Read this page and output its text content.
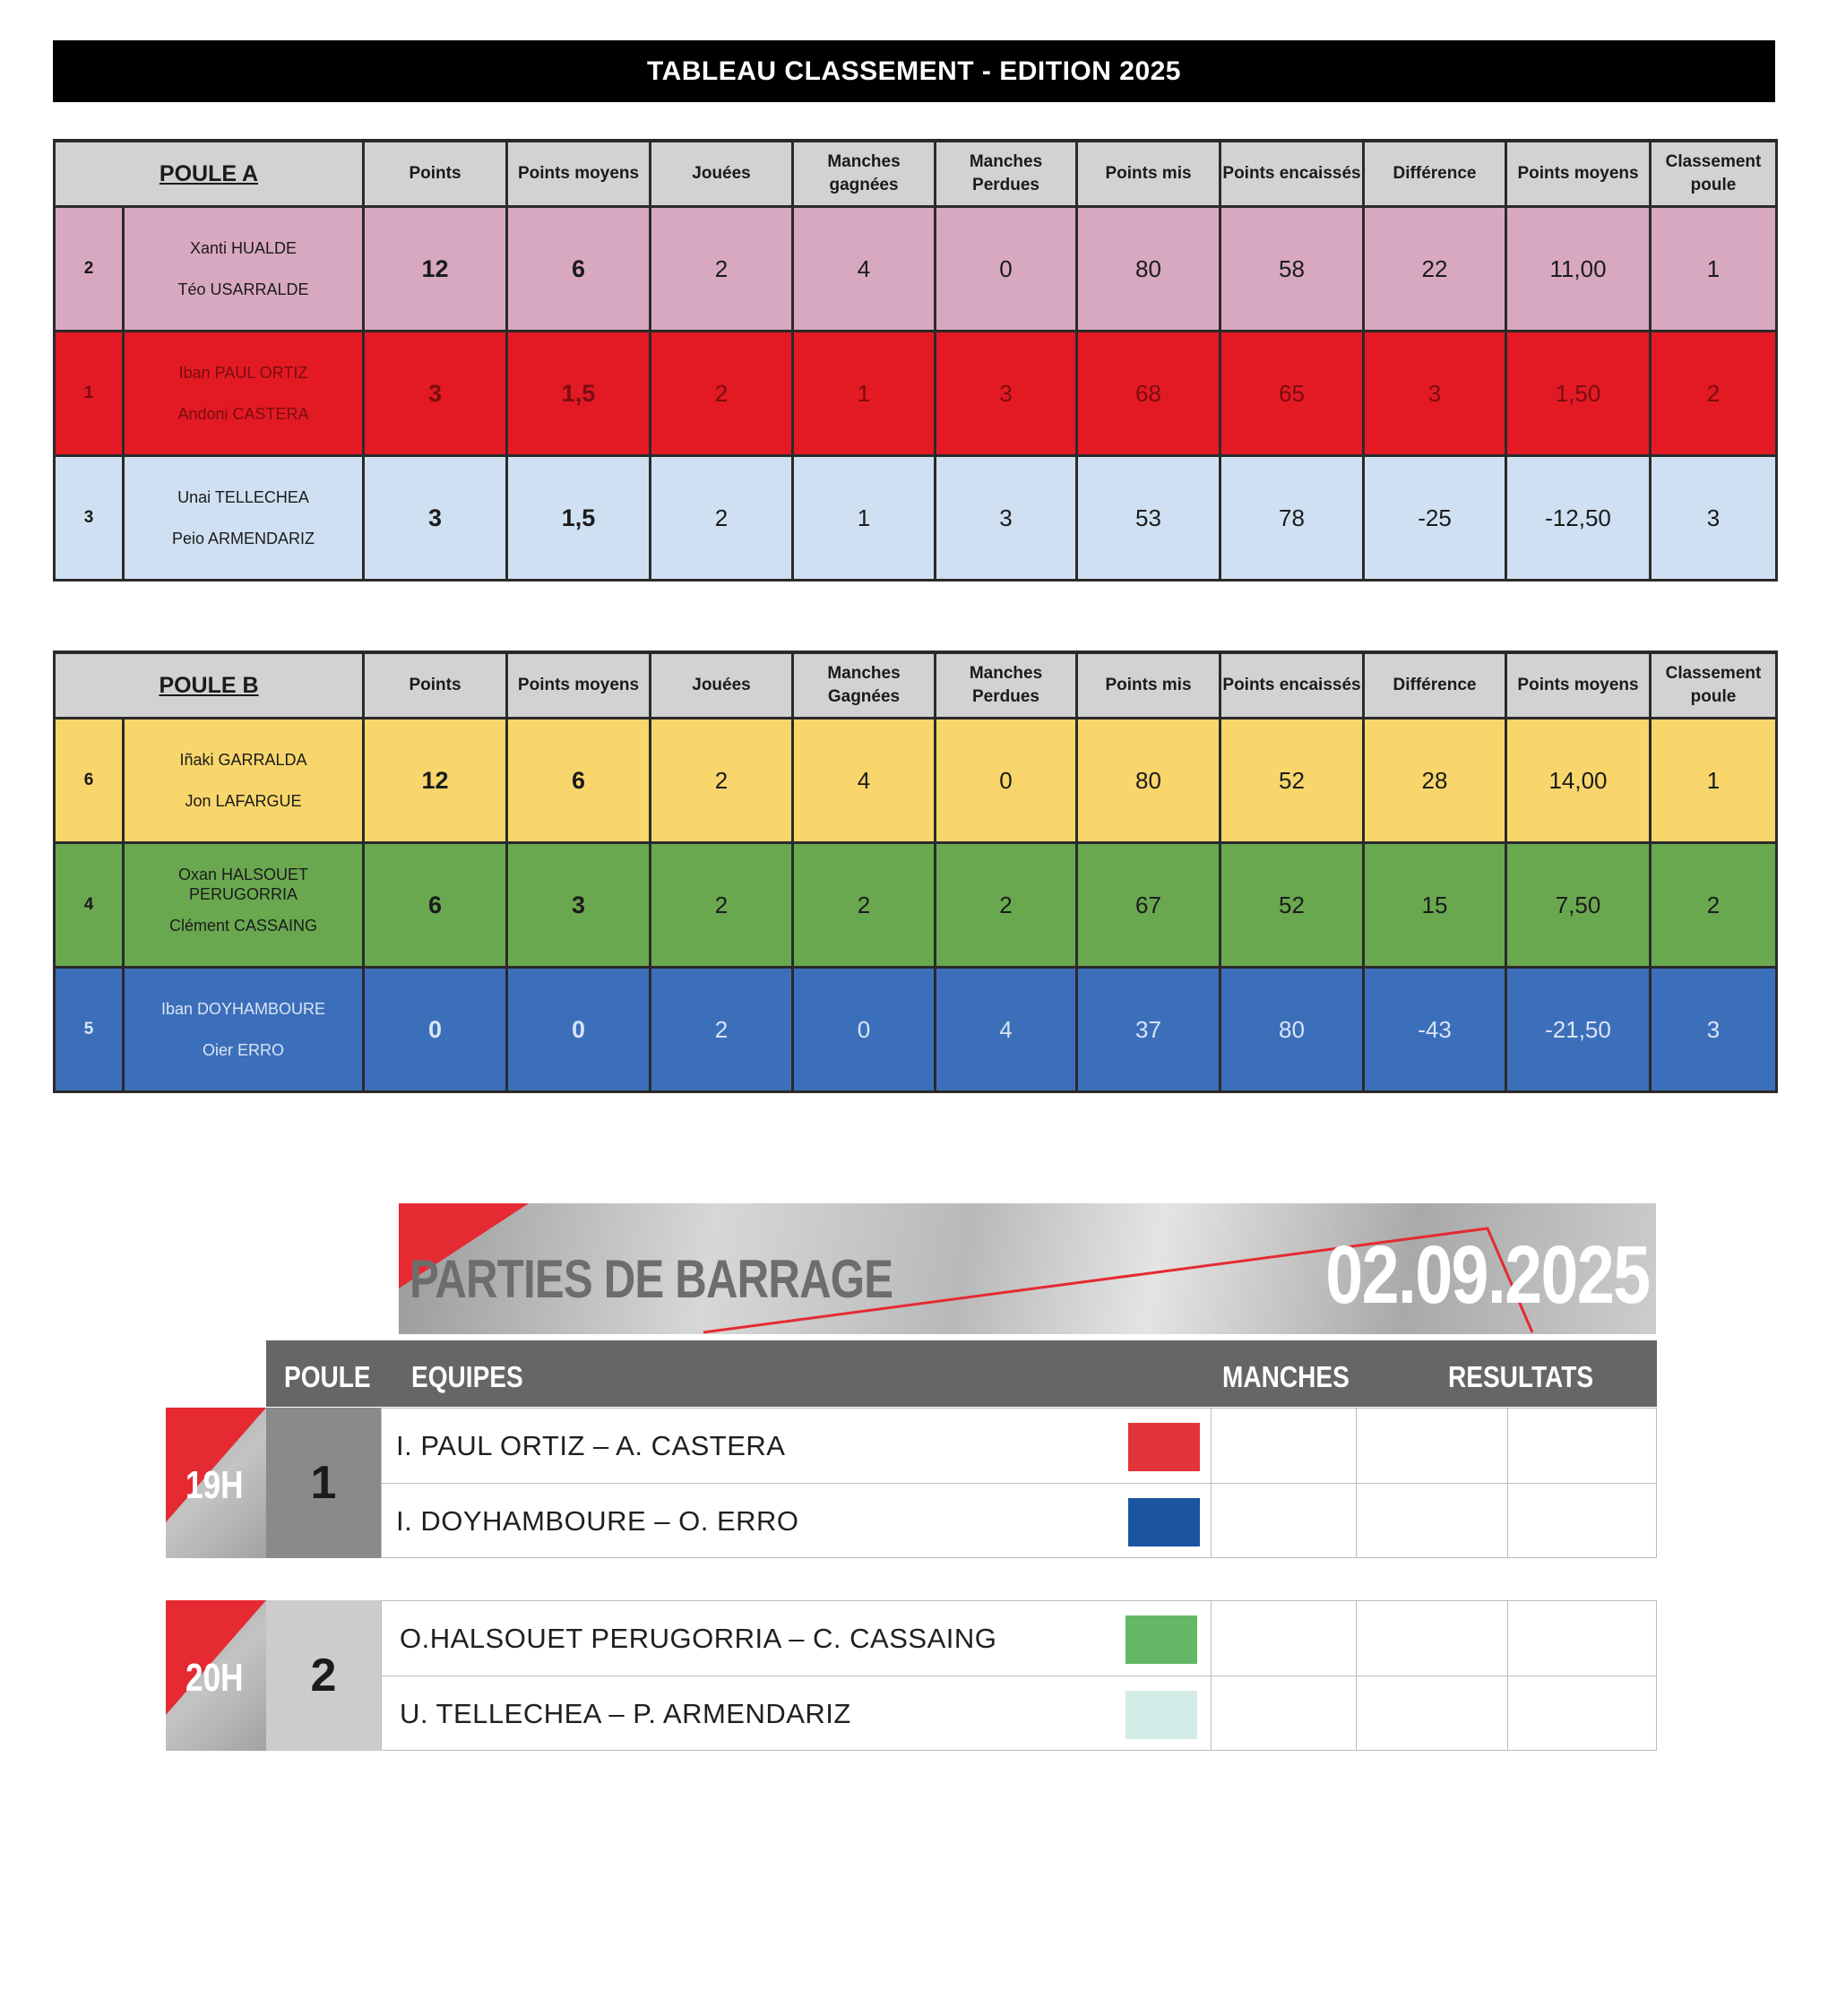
TABLEAU CLASSEMENT - EDITION 2025
POULE A		Points	Points moyens	Jouées	Manches gagnées	Manches Perdues	Points mis	Points encaissés	Différence	Points moyens	Classement poule
2	Xanti HUALDE
Téo USARRALDE	12	6	2	4	0	80	58	22	11,00	1
1	Iban PAUL ORTIZ
Andoni CASTERA	3	1,5	2	1	3	68	65	3	1,50	2
3	Unai TELLECHEA
Peio ARMENDARIZ	3	1,5	2	1	3	53	78	-25	-12,50	3
POULE B		Points	Points moyens	Jouées	Manches Gagnées	Manches Perdues	Points mis	Points encaissés	Différence	Points moyens	Classement poule
6	Iñaki GARRALDA
Jon LAFARGUE	12	6	2	4	0	80	52	28	14,00	1
4	Oxan HALSOUET PERUGORRIA
Clément CASSAING	6	3	2	2	2	67	52	15	7,50	2
5	Iban DOYHAMBOURE
Oier ERRO	0	0	2	0	4	37	80	-43	-21,50	3
PARTIES DE BARRAGE	02.09.2025
POULE EQUIPES	MANCHES	RESULTATS
19H	1
I. PAUL ORTIZ – A. CASTERA
I. DOYHAMBOURE – O. ERRO
20H	2
O.HALSOUET PERUGORRIA – C. CASSAING
U. TELLECHEA – P. ARMENDARIZ
